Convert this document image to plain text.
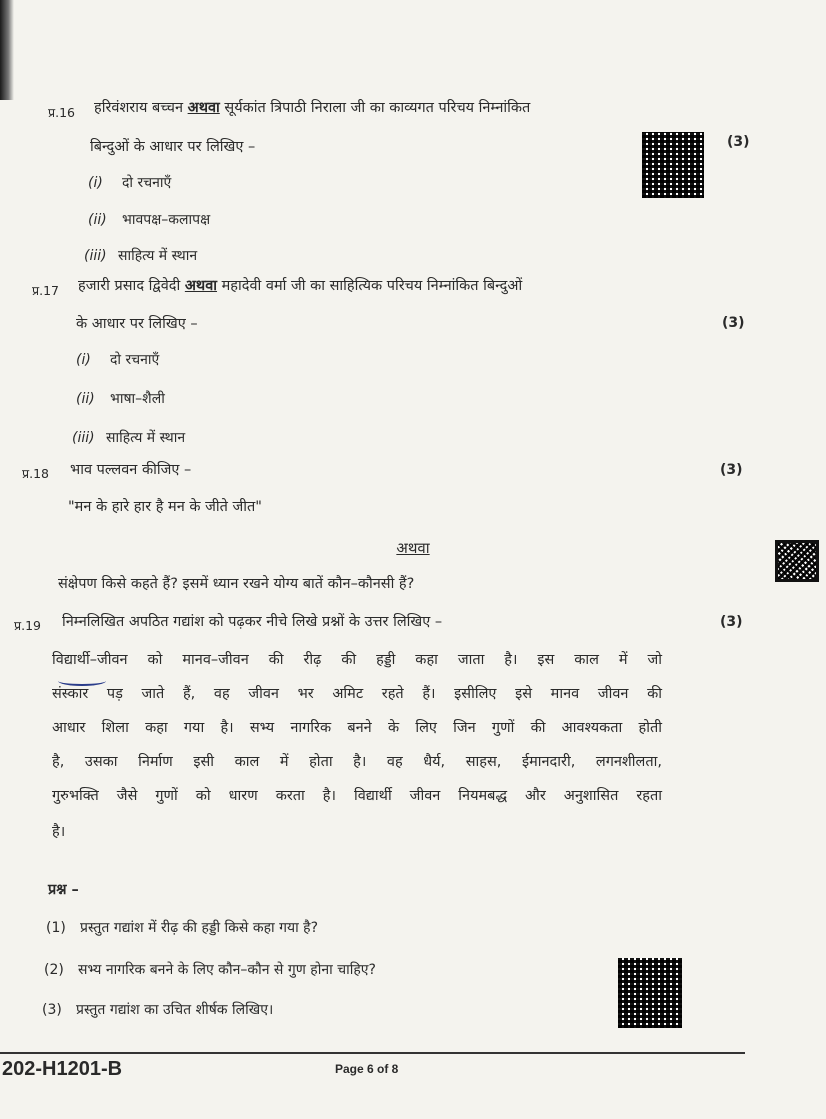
प्र.16 हरिवंशराय बच्चन अथवा सूर्यकांत त्रिपाठी निराला जी का काव्यगत परिचय निम्नांकित
बिन्दुओं के आधार पर लिखिए –	(3)
(i) दो रचनाएँ
(ii) भावपक्ष–कलापक्ष
(iii) साहित्य में स्थान
प्र.17 हजारी प्रसाद द्विवेदी अथवा महादेवी वर्मा जी का साहित्यिक परिचय निम्नांकित बिन्दुओं
के आधार पर लिखिए –	(3)
(i) दो रचनाएँ
(ii) भाषा–शैली
(iii) साहित्य में स्थान
प्र.18 भाव पल्लवन कीजिए –	(3)
"मन के हारे हार है मन के जीते जीत"
अथवा
संक्षेपण किसे कहते हैं? इसमें ध्यान रखने योग्य बातें कौन–कौनसी हैं?
प्र.19 निम्नलिखित अपठित गद्यांश को पढ़कर नीचे लिखे प्रश्नों के उत्तर लिखिए –	(3)
विद्यार्थी–जीवन को मानव–जीवन की रीढ़ की हड्डी कहा जाता है। इस काल में जो
संस्कार पड़ जाते हैं, वह जीवन भर अमिट रहते हैं। इसीलिए इसे मानव जीवन की
आधार शिला कहा गया है। सभ्य नागरिक बनने के लिए जिन गुणों की आवश्यकता होती
है, उसका निर्माण इसी काल में होता है। वह धैर्य, साहस, ईमानदारी, लगनशीलता,
गुरुभक्ति जैसे गुणों को धारण करता है। विद्यार्थी जीवन नियमबद्ध और अनुशासित रहता
है।
प्रश्न –
(1) प्रस्तुत गद्यांश में रीढ़ की हड्डी किसे कहा गया है?
(2) सभ्य नागरिक बनने के लिए कौन–कौन से गुण होना चाहिए?
(3) प्रस्तुत गद्यांश का उचित शीर्षक लिखिए।
202-H1201-B	Page 6 of 8
